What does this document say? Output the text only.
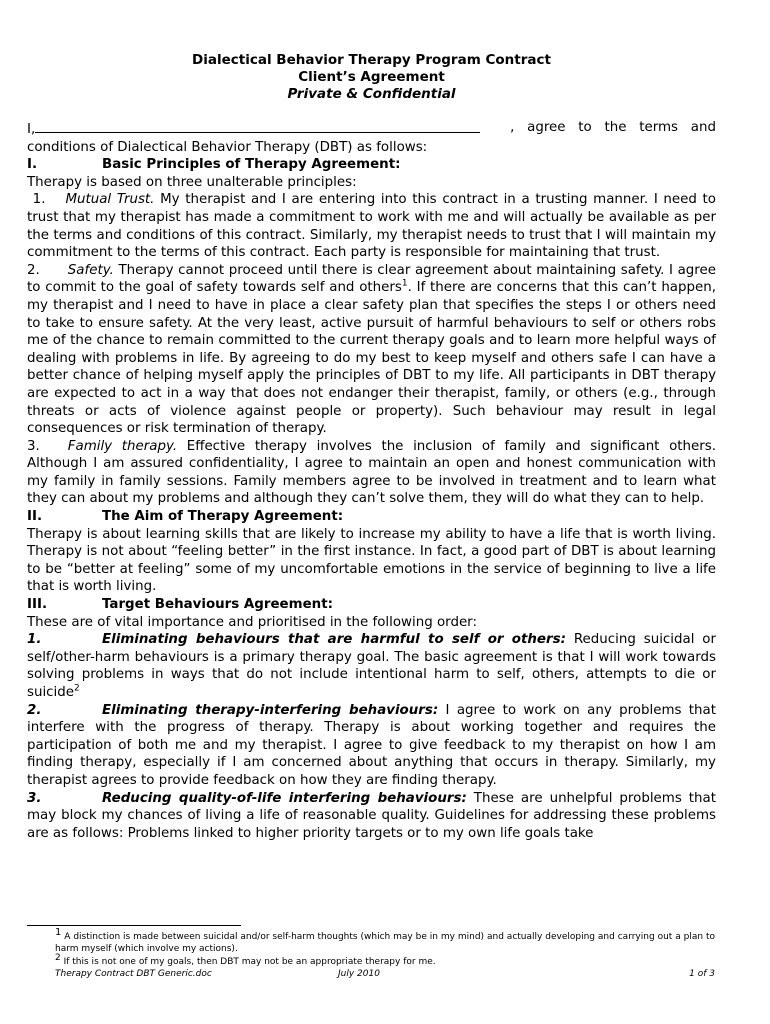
Dialectical Behavior Therapy Program Contract
Client’s Agreement
Private & Confidential

I,	,   agree   to   the   terms   and

conditions of Dialectical Behavior Therapy (DBT) as follows:

I.	Basic Principles of Therapy Agreement:

Therapy is based on three unalterable principles:

1. Mutual Trust. My therapist and I are entering into this contract in a trusting manner. I need to trust that my therapist has made a commitment to work with me and will actually be available as per the terms and conditions of this contract. Similarly, my therapist needs to trust that I will maintain my commitment to the terms of this contract. Each party is responsible for maintaining that trust.

2. Safety. Therapy cannot proceed until there is clear agreement about maintaining safety. I agree to commit to the goal of safety towards self and others$^1$. If there are concerns that this can’t happen, my therapist and I need to have in place a clear safety plan that specifies the steps I or others need to take to ensure safety. At the very least, active pursuit of harmful behaviours to self or others robs me of the chance to remain committed to the current therapy goals and to learn more helpful ways of dealing with problems in life. By agreeing to do my best to keep myself and others safe I can have a better chance of helping myself apply the principles of DBT to my life. All participants in DBT therapy are expected to act in a way that does not endanger their therapist, family, or others (e.g., through threats or acts of violence against people or property). Such behaviour may result in legal consequences or risk termination of therapy.

3. Family therapy. Effective therapy involves the inclusion of family and significant others. Although I am assured confidentiality, I agree to maintain an open and honest communication with my family in family sessions. Family members agree to be involved in treatment and to learn what they can about my problems and although they can’t solve them, they will do what they can to help.

II.	The Aim of Therapy Agreement:

Therapy is about learning skills that are likely to increase my ability to have a life that is worth living. Therapy is not about “feeling better” in the first instance. In fact, a good part of DBT is about learning to be “better at feeling” some of my uncomfortable emotions in the service of beginning to live a life that is worth living.

III.	Target Behaviours Agreement:

These are of vital importance and prioritised in the following order:

1.	Eliminating behaviours that are harmful to self or others: Reducing suicidal or self/other-harm behaviours is a primary therapy goal. The basic agreement is that I will work towards solving problems in ways that do not include intentional harm to self, others, attempts to die or suicide$^2$

2.	Eliminating therapy-interfering behaviours: I agree to work on any problems that interfere with the progress of therapy. Therapy is about working together and requires the participation of both me and my therapist. I agree to give feedback to my therapist on how I am finding therapy, especially if I am concerned about anything that occurs in therapy. Similarly, my therapist agrees to provide feedback on how they are finding therapy.

3.	Reducing quality-of-life interfering behaviours: These are unhelpful problems that may block my chances of living a life of reasonable quality. Guidelines for addressing these problems are as follows: Problems linked to higher priority targets or to my own life goals take

$^1$ A distinction is made between suicidal and/or self-harm thoughts (which may be in my mind) and actually developing and carrying out a plan to harm myself (which involve my actions).
$^2$ If this is not one of my goals, then DBT may not be an appropriate therapy for me.
Therapy Contract DBT Generic.doc	July 2010	1 of 3
